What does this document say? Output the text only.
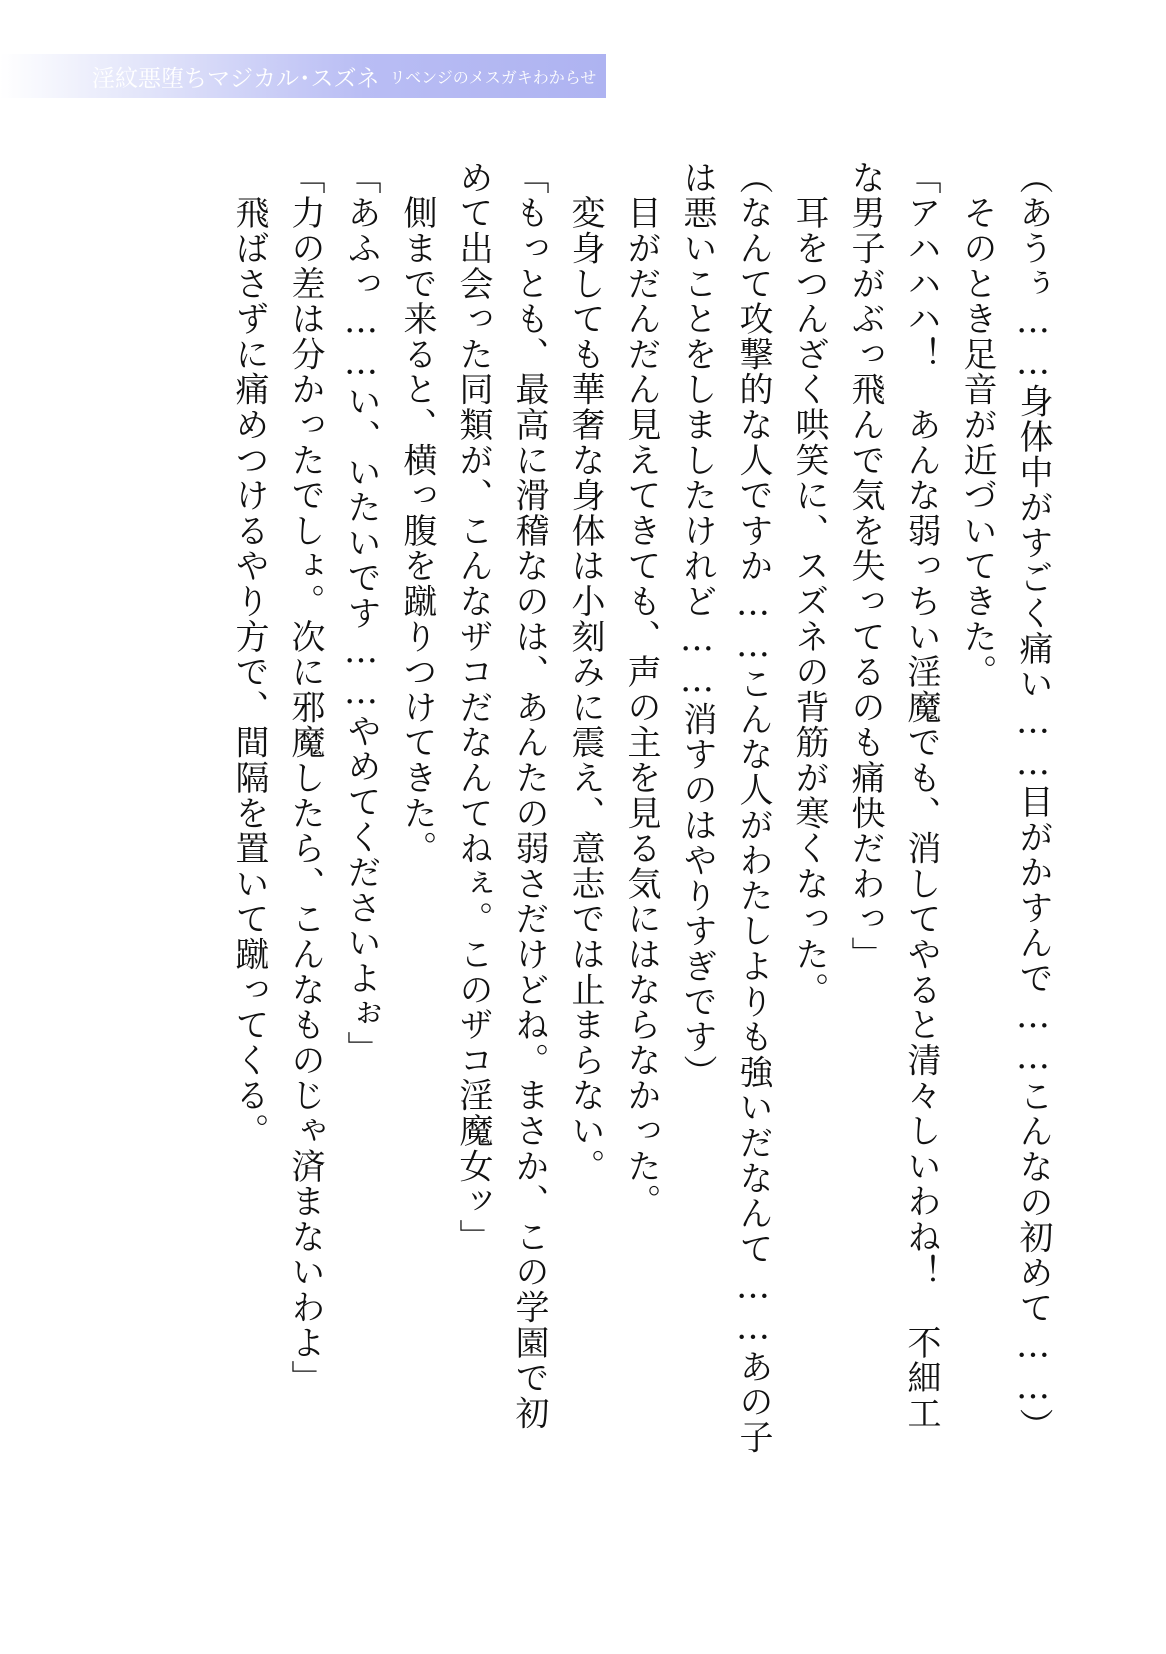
淫紋悪堕ちマジカル･スズネ リベンジのメスガキわからせ
（あうぅ……身体中がすごく痛い……目がかすんで……こんなの初めて……）
　そのとき足音が近づいてきた。
「アハハハ！　あんな弱っちい淫魔でも、消してやると清々しいわね！　不細工
な男子がぶっ飛んで気を失ってるのも痛快だわっ」
　耳をつんざく哄笑に、スズネの背筋が寒くなった。
（なんて攻撃的な人ですか……こんな人がわたしよりも強いだなんて……あの子
は悪いことをしましたけれど……消すのはやりすぎです）
　目がだんだん見えてきても、声の主を見る気にはならなかった。
　変身しても華奢な身体は小刻みに震え、意志では止まらない。
「もっとも、最高に滑稽なのは、あんたの弱さだけどね。まさか、この学園で初
めて出会った同類が、こんなザコだなんてねぇ。このザコ淫魔女ッ」
　側まで来ると、横っ腹を蹴りつけてきた。
「あふっ……い、いたいです……やめてくださいよぉ」
「力の差は分かったでしょ。次に邪魔したら、こんなものじゃ済まないわよ」
　飛ばさずに痛めつけるやり方で、間隔を置いて蹴ってくる。
